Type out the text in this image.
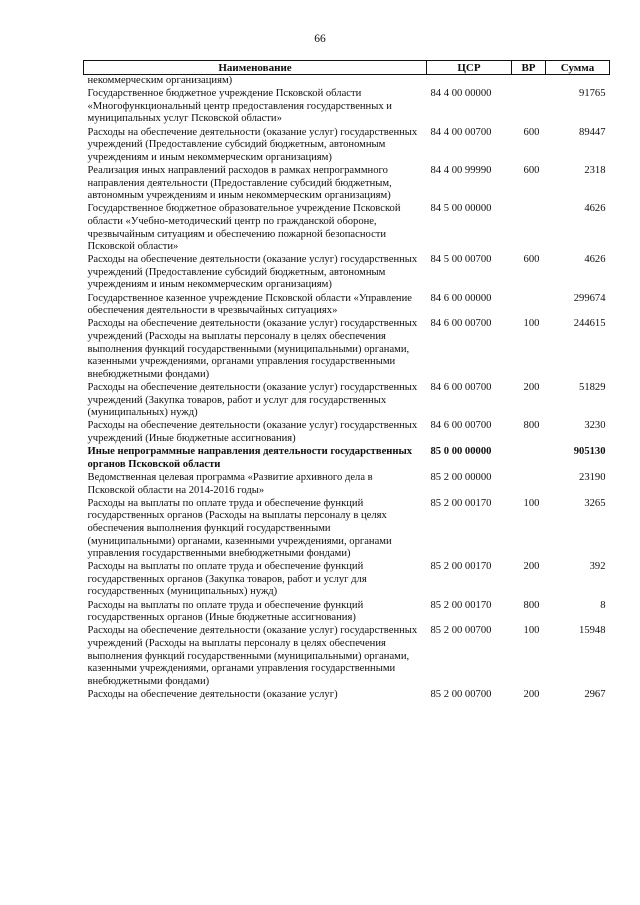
66
Наименование	ЦСР	ВР	Сумма
некоммерческим организациям)			
Государственное бюджетное учреждение Псковской области «Многофункциональный центр предоставления государственных и муниципальных услуг Псковской области»	84 4 00 00000		91765
Расходы на обеспечение деятельности (оказание услуг) государственных учреждений (Предоставление субсидий бюджетным, автономным учреждениям и иным некоммерческим организациям)	84 4 00 00700	600	89447
Реализация иных направлений расходов в рамках непрограммного направления деятельности (Предоставление субсидий бюджетным, автономным учреждениям и иным некоммерческим организациям)	84 4 00 99990	600	2318
Государственное бюджетное образовательное учреждение Псковской области «Учебно-методический центр по гражданской обороне, чрезвычайным ситуациям и обеспечению пожарной безопасности Псковской области»	84 5 00 00000		4626
Расходы на обеспечение деятельности (оказание услуг) государственных учреждений (Предоставление субсидий бюджетным, автономным учреждениям и иным некоммерческим организациям)	84 5 00 00700	600	4626
Государственное казенное учреждение Псковской области «Управление обеспечения деятельности в чрезвычайных ситуациях»	84 6 00 00000		299674
Расходы на обеспечение деятельности (оказание услуг) государственных учреждений (Расходы на выплаты персоналу в целях обеспечения выполнения функций государственными (муниципальными) органами, казенными учреждениями, органами управления государственными внебюджетными фондами)	84 6 00 00700	100	244615
Расходы на обеспечение деятельности (оказание услуг) государственных учреждений (Закупка товаров, работ и услуг для государственных (муниципальных) нужд)	84 6 00 00700	200	51829
Расходы на обеспечение деятельности (оказание услуг) государственных учреждений (Иные бюджетные ассигнования)	84 6 00 00700	800	3230
Иные непрограммные направления деятельности государственных органов Псковской области	85 0 00 00000		905130
Ведомственная целевая программа «Развитие архивного дела в Псковской области на 2014-2016 годы»	85 2 00 00000		23190
Расходы на выплаты по оплате труда и обеспечение функций государственных органов (Расходы на выплаты персоналу в целях обеспечения выполнения функций государственными (муниципальными) органами, казенными учреждениями, органами управления государственными внебюджетными фондами)	85 2 00 00170	100	3265
Расходы на выплаты по оплате труда и обеспечение функций государственных органов (Закупка товаров, работ и услуг для государственных (муниципальных) нужд)	85 2 00 00170	200	392
Расходы на выплаты по оплате труда и обеспечение функций государственных органов (Иные бюджетные ассигнования)	85 2 00 00170	800	8
Расходы на обеспечение деятельности (оказание услуг) государственных учреждений (Расходы на выплаты персоналу в целях обеспечения выполнения функций государственными (муниципальными) органами, казенными учреждениями, органами управления государственными внебюджетными фондами)	85 2 00 00700	100	15948
Расходы на обеспечение деятельности (оказание услуг)	85 2 00 00700	200	2967
